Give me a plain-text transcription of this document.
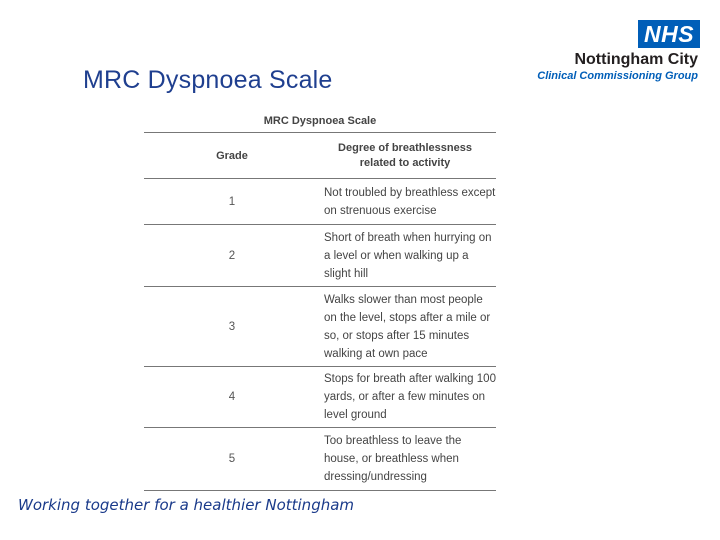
MRC Dyspnoea Scale
NHS
Nottingham City
Clinical Commissioning Group
MRC Dyspnoea Scale
Grade
Degree of breathlessness related to activity
1
Not troubled by breathless except on strenuous exercise
2
Short of breath when hurrying on a level or when walking up a slight hill
3
Walks slower than most people on the level, stops after a mile or so, or stops after 15 minutes walking at own pace
4
Stops for breath after walking 100 yards, or after a few minutes on level ground
5
Too breathless to leave the house, or breathless when dressing/undressing
Working together for a healthier Nottingham
